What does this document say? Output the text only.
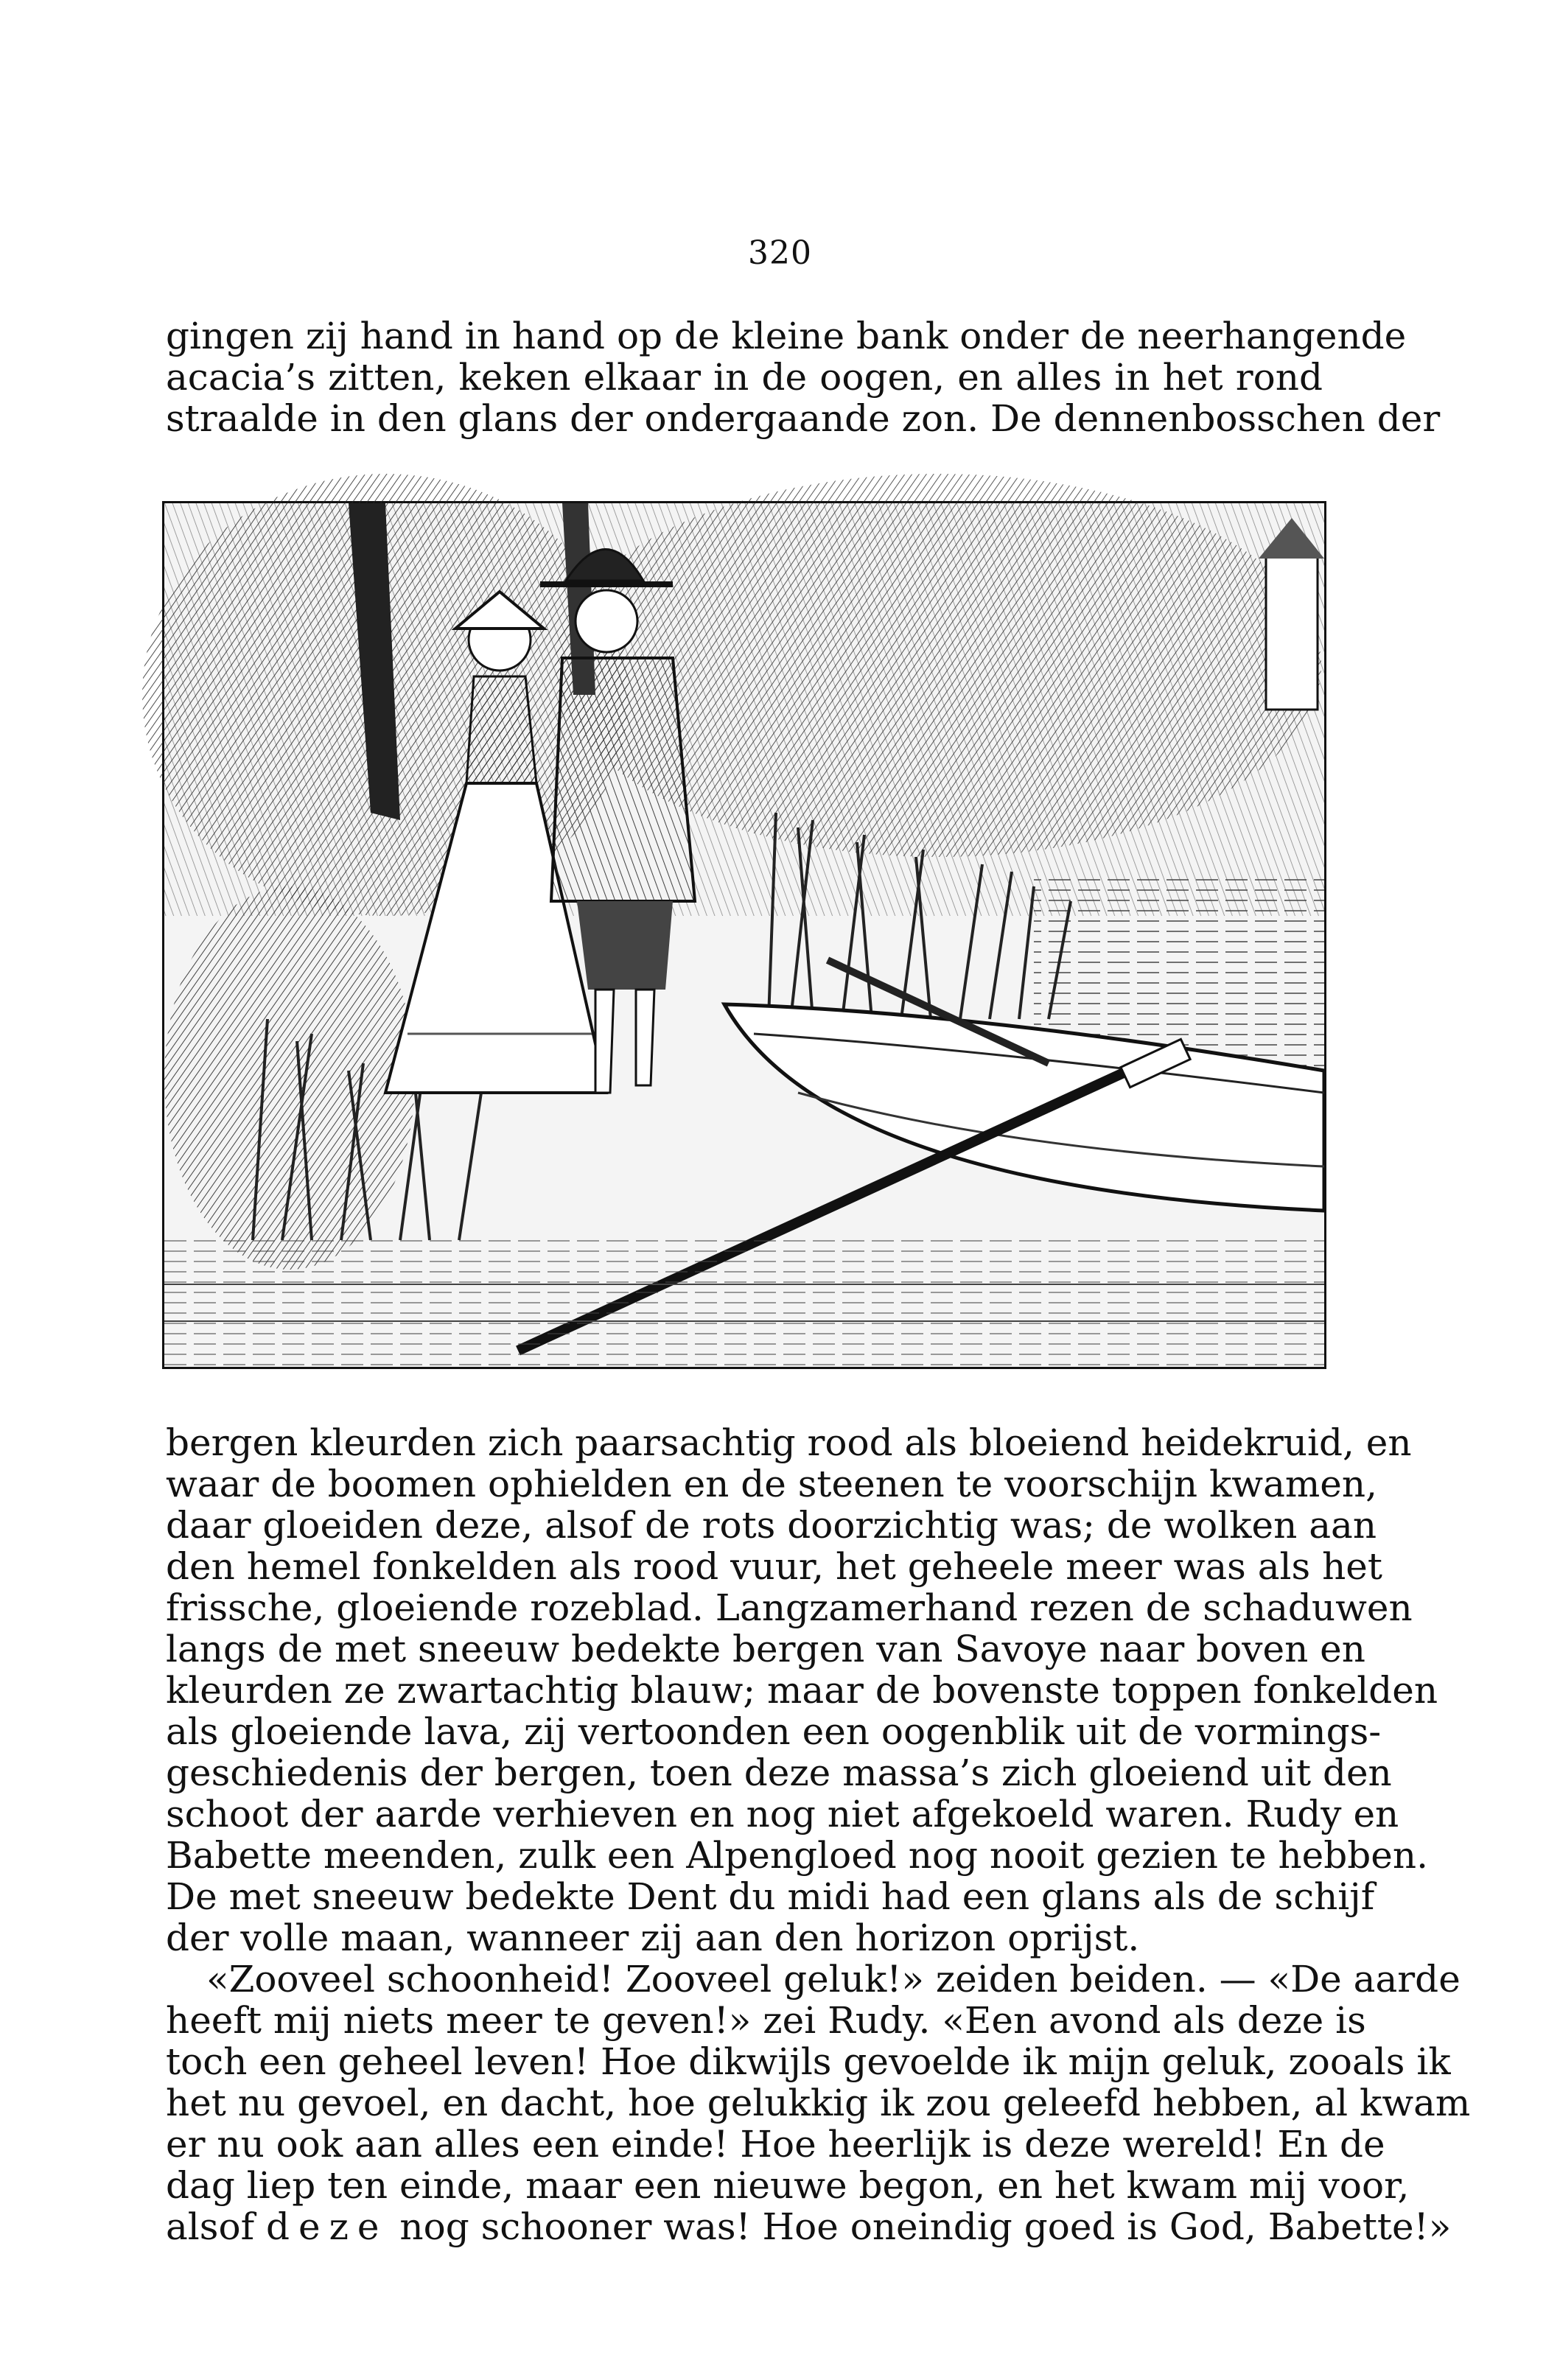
320
gingen zij hand in hand op de kleine bank onder de neerhangende
acacia’s zitten, keken elkaar in de oogen, en alles in het rond
straalde in den glans der ondergaande zon. De dennenbosschen der
bergen kleurden zich paarsachtig rood als bloeiend heidekruid, en
waar de boomen ophielden en de steenen te voorschijn kwamen,
daar gloeiden deze, alsof de rots doorzichtig was; de wolken aan
den hemel fonkelden als rood vuur, het geheele meer was als het
frissche, gloeiende rozeblad. Langzamerhand rezen de schaduwen
langs de met sneeuw bedekte bergen van Savoye naar boven en
kleurden ze zwartachtig blauw; maar de bovenste toppen fonkelden
als gloeiende lava, zij vertoonden een oogenblik uit de vormings-
geschiedenis der bergen, toen deze massa’s zich gloeiend uit den
schoot der aarde verhieven en nog niet afgekoeld waren. Rudy en
Babette meenden, zulk een Alpengloed nog nooit gezien te hebben.
De met sneeuw bedekte Dent du midi had een glans als de schijf
der volle maan, wanneer zij aan den horizon oprijst.
«Zooveel schoonheid! Zooveel geluk!» zeiden beiden. — «De aarde
heeft mij niets meer te geven!» zei Rudy. «Een avond als deze is
toch een geheel leven! Hoe dikwijls gevoelde ik mijn geluk, zooals ik
het nu gevoel, en dacht, hoe gelukkig ik zou geleefd hebben, al kwam
er nu ook aan alles een einde! Hoe heerlijk is deze wereld! En de
dag liep ten einde, maar een nieuwe begon, en het kwam mij voor,
alsof deze nog schooner was! Hoe oneindig goed is God, Babette!»
